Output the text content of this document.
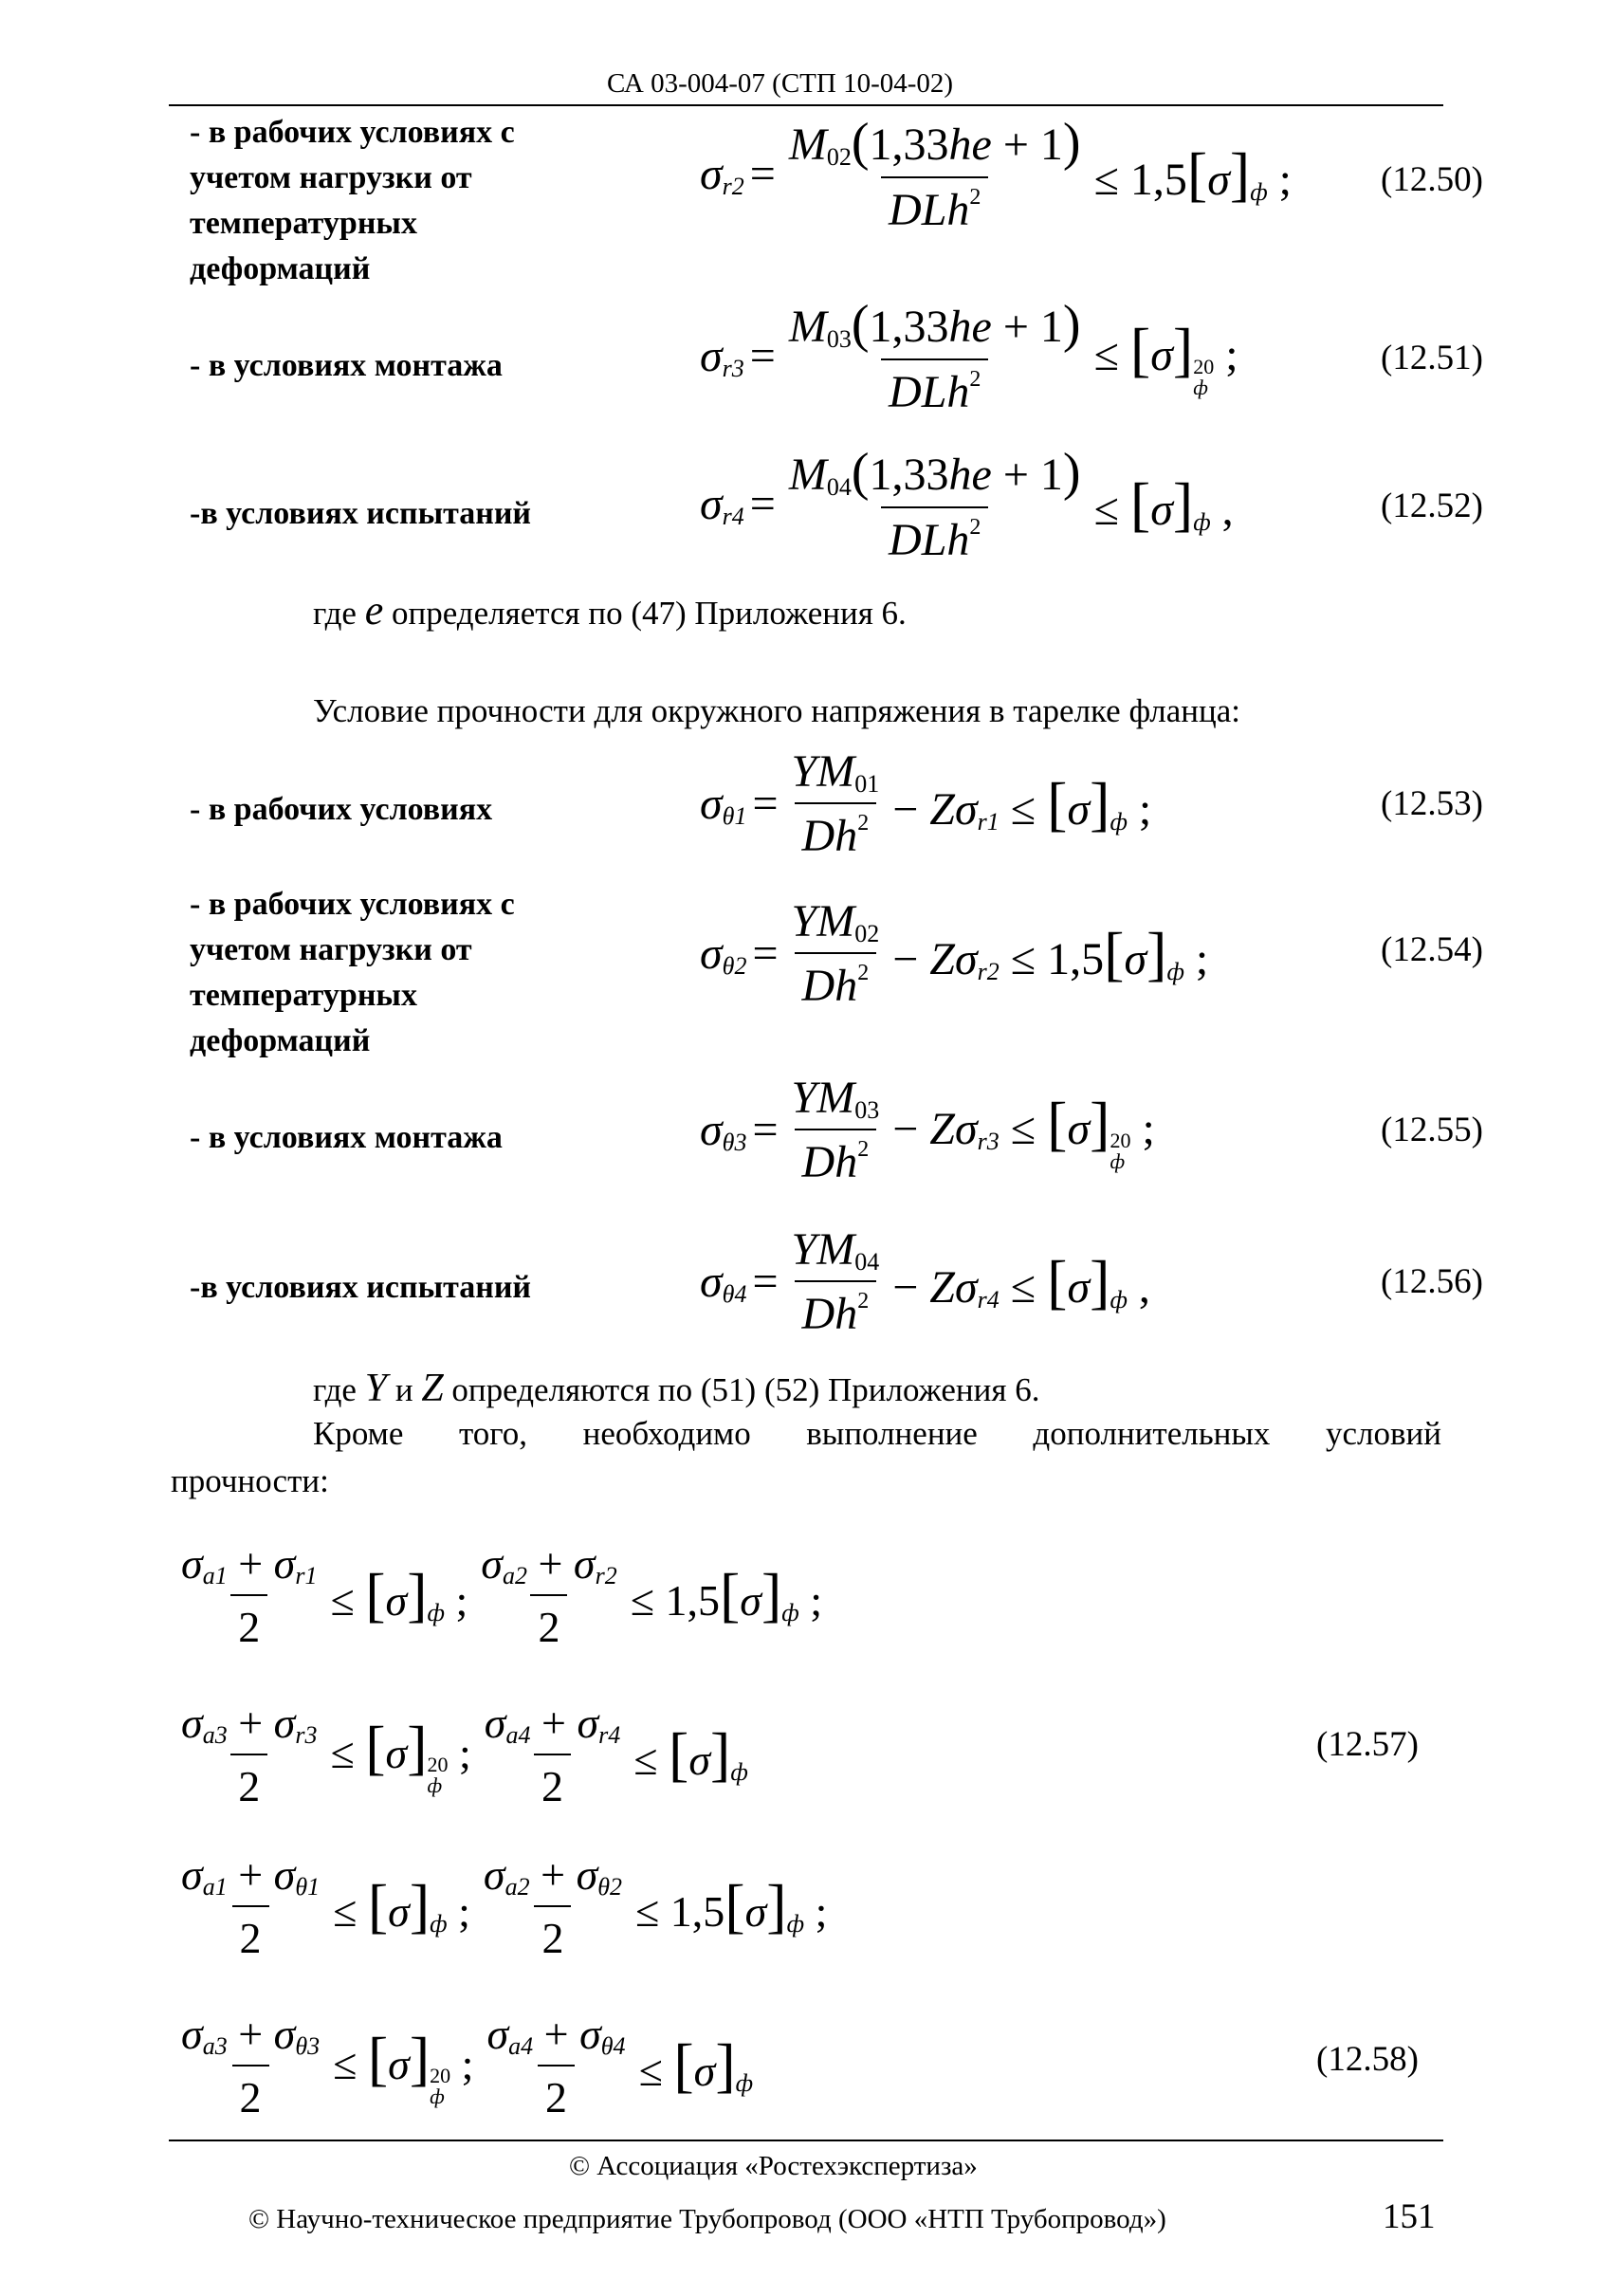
СА 03-004-07 (СТП 10-04-02)
- в рабочих условиях с
учетом нагрузки от
температурных
деформаций
σr2 =
M02(1,33he + 1)
DLh$^2$ ≤ 1,5[σ]ф ;	(12.50)
- в условиях монтажа	σr3 =
M03(1,33he + 1)
DLh$^2$ ≤ [σ] 20
ф
;	(12.51)
-в условиях испытаний	σr4 =
M04(1,33he + 1)
DLh$^2$ ≤ [σ]ф ,	(12.52)
где e определяется по (47) Приложения 6.
Условие прочности для окружного напряжения в тарелке фланца:
- в рабочих условиях	$\sigma\theta 1 = \frac{YM01}{Dh^2} - Z\sigma r1 \le [\sigma]ф$ ;	(12.53)
- в рабочих условиях с
учетом нагрузки от
температурных
деформаций
$\sigma\theta 2 = \frac{YM02}{Dh^2} - Z\sigma r2 \le 1,5[\sigma]ф$ ;	(12.54)
- в условиях монтажа	$\sigma\theta 3 = \frac{YM03}{Dh^2} - Z\sigma r3 \le [\sigma]$ 20
ф
;	(12.55)
-в условиях испытаний	$\sigma\theta 4 = \frac{YM04}{Dh^2} - Z\sigma r4 \le [\sigma]ф$ ,	(12.56)
где Y и Z определяются по (51) (52) Приложения 6.
Кроме того, необходимо выполнение дополнительных условий
прочности:
$\frac{\sigma a1 + \sigma r1}{2} \le [\sigma]ф$ ; $\frac{\sigma a2 + \sigma r2}{2} \le 1,5[\sigma]ф$ ;
$\frac{\sigma a3 + \sigma r3}{2} \le [\sigma]$ 20
ф
; $\frac{\sigma a4 + \sigma r4}{2} \le [\sigma]ф$
(12.57)
$\frac{\sigma a1 + \sigma\theta 1}{2} \le [\sigma]ф$ ; $\frac{\sigma a2 + \sigma\theta 2}{2} \le 1,5[\sigma]ф$ ;
$\frac{\sigma a3 + \sigma\theta 3}{2} \le [\sigma]$ 20
ф
; $\frac{\sigma a4 + \sigma\theta 4}{2} \le [\sigma]ф$
(12.58)
© Ассоциация «Ростехэкспертиза»
© Научно-техническое предприятие Трубопровод (ООО «НТП Трубопровод»)	151
